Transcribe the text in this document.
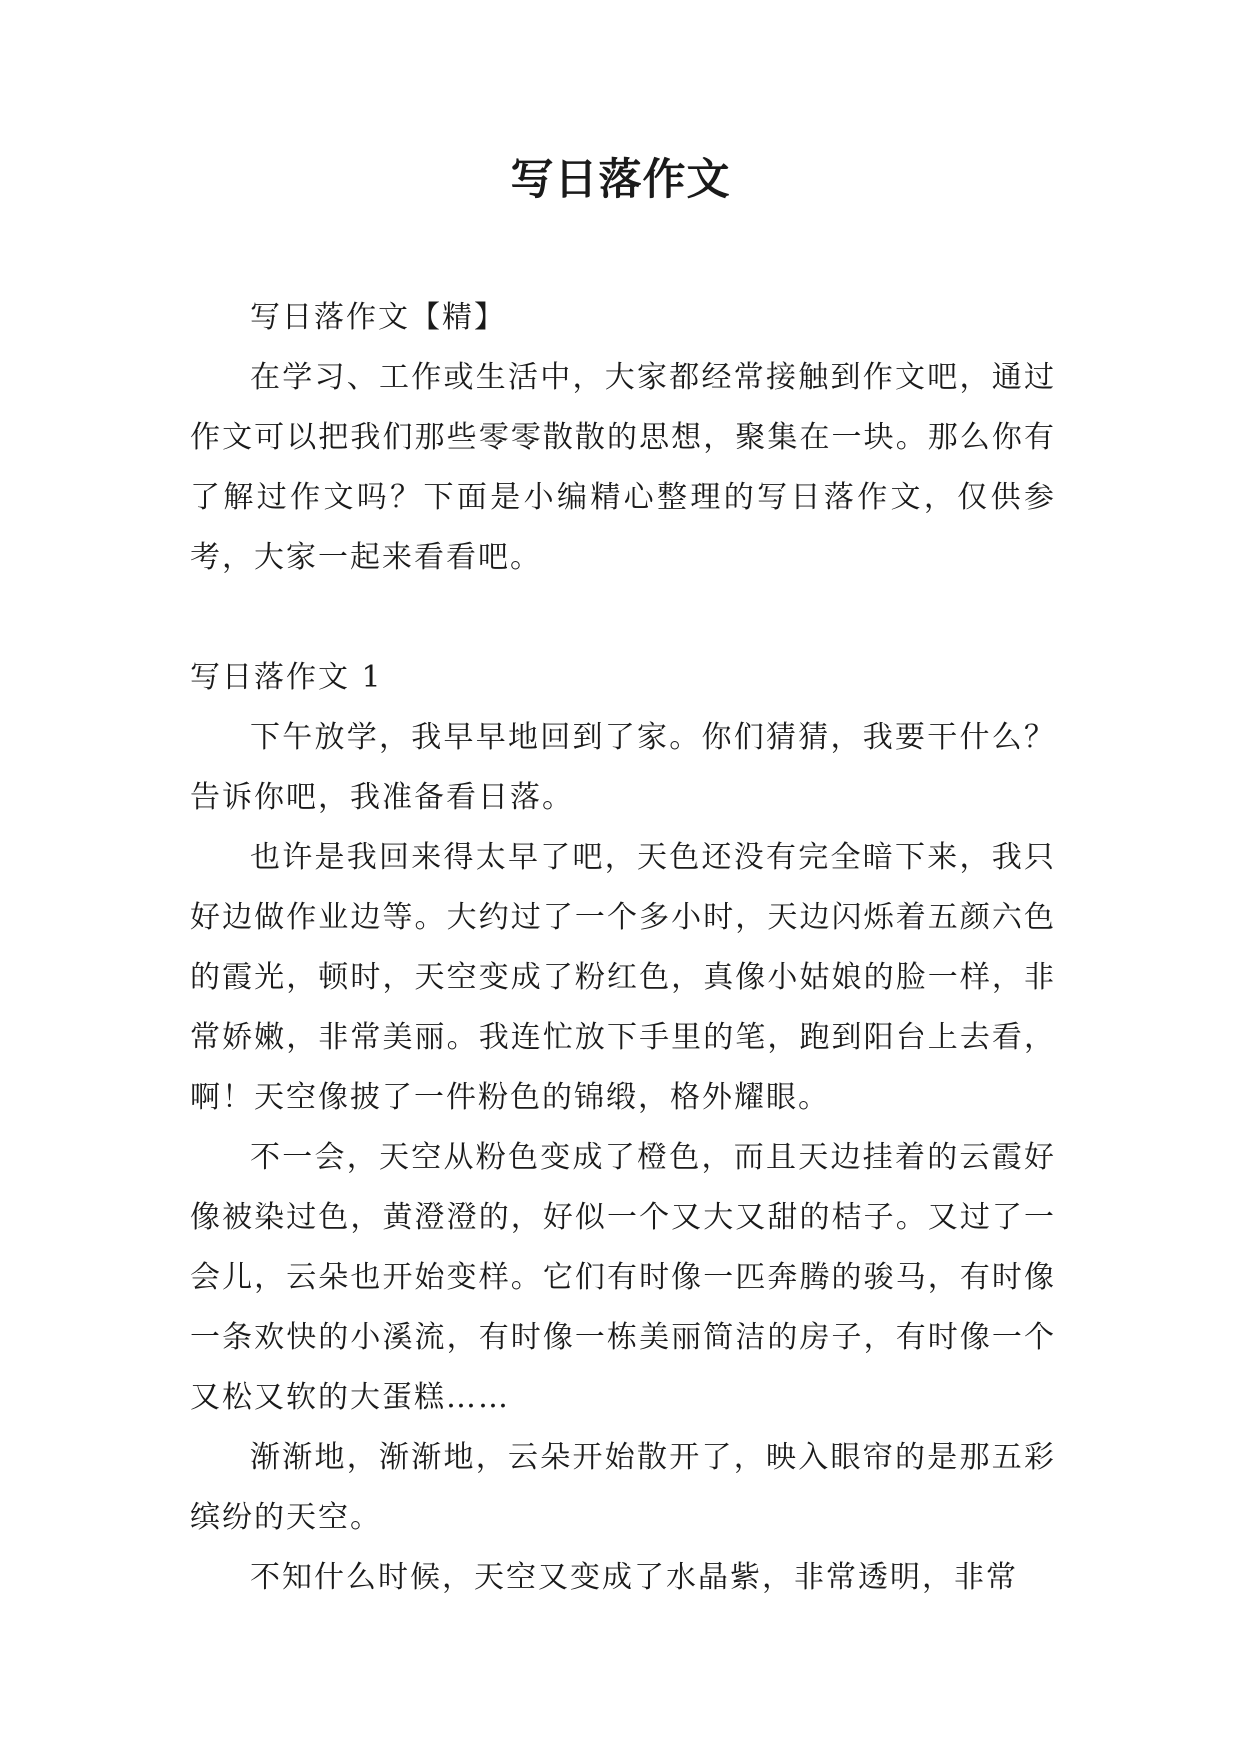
写日落作文

写日落作文【精】

在学习、工作或生活中，大家都经常接触到作文吧，通过作文可以把我们那些零零散散的思想，聚集在一块。那么你有了解过作文吗？下面是小编精心整理的写日落作文，仅供参考，大家一起来看看吧。

写日落作文 1

下午放学，我早早地回到了家。你们猜猜，我要干什么？告诉你吧，我准备看日落。

也许是我回来得太早了吧，天色还没有完全暗下来，我只好边做作业边等。大约过了一个多小时，天边闪烁着五颜六色的霞光，顿时，天空变成了粉红色，真像小姑娘的脸一样，非常娇嫩，非常美丽。我连忙放下手里的笔，跑到阳台上去看，啊！天空像披了一件粉色的锦缎，格外耀眼。

不一会，天空从粉色变成了橙色，而且天边挂着的云霞好像被染过色，黄澄澄的，好似一个又大又甜的桔子。又过了一会儿，云朵也开始变样。它们有时像一匹奔腾的骏马，有时像一条欢快的小溪流，有时像一栋美丽简洁的房子，有时像一个又松又软的大蛋糕……

渐渐地，渐渐地，云朵开始散开了，映入眼帘的是那五彩缤纷的天空。

不知什么时候，天空又变成了水晶紫，非常透明，非常
